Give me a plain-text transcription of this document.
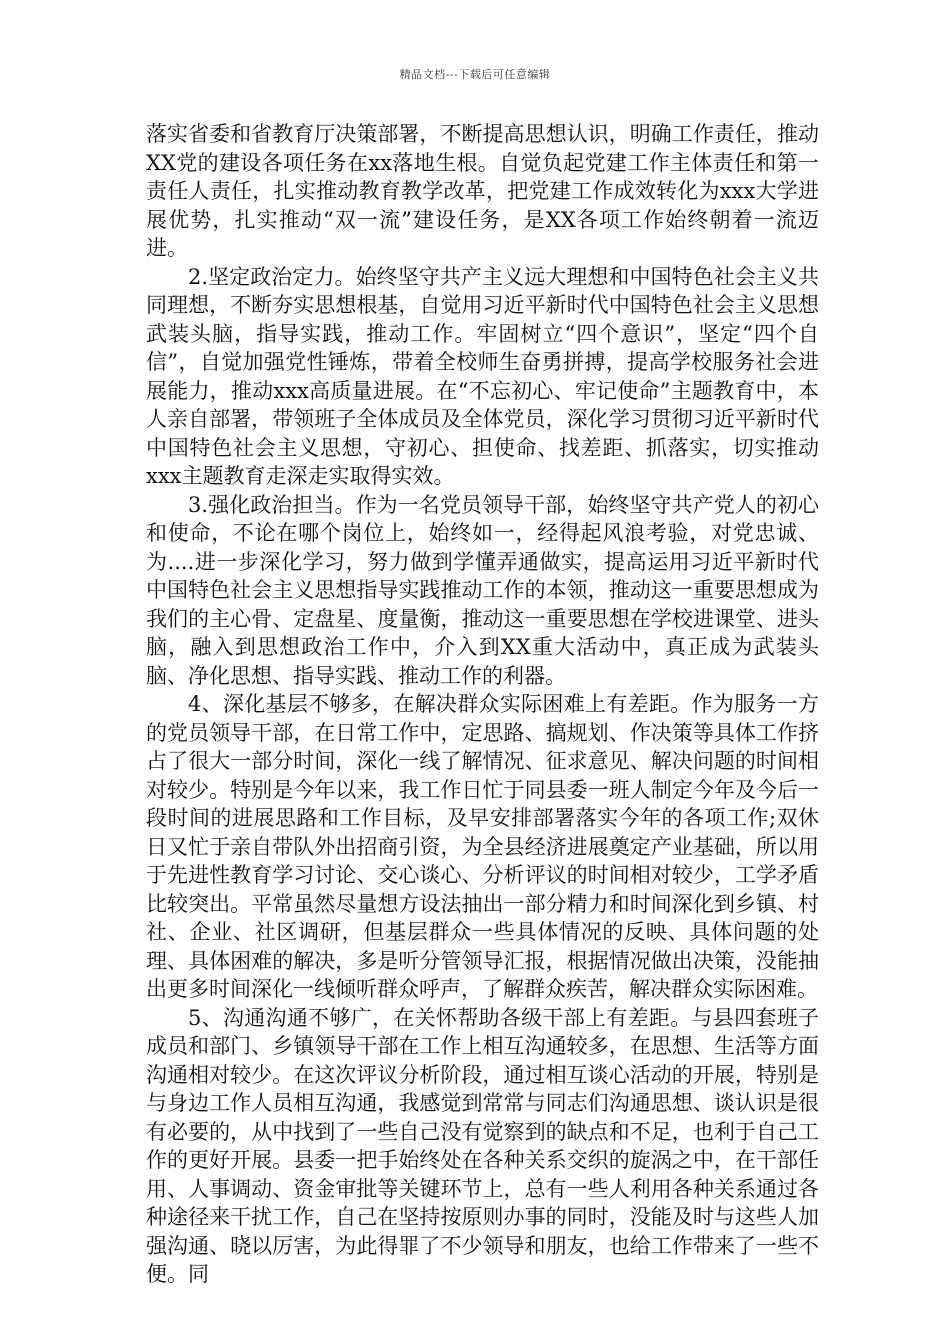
精品文档---下载后可任意编辑

落实省委和省教育厅决策部署，不断提高思想认识，明确工作责任，推动XX党的建设各项任务在xx落地生根。自觉负起党建工作主体责任和第一责任人责任，扎实推动教育教学改革，把党建工作成效转化为xxx大学进展优势，扎实推动“双一流”建设任务，是XX各项工作始终朝着一流迈进。

2.坚定政治定力。始终坚守共产主义远大理想和中国特色社会主义共同理想，不断夯实思想根基，自觉用习近平新时代中国特色社会主义思想武装头脑，指导实践，推动工作。牢固树立“四个意识”，坚定“四个自信”，自觉加强党性锤炼，带着全校师生奋勇拼搏，提高学校服务社会进展能力，推动xxx高质量进展。在“不忘初心、牢记使命”主题教育中，本人亲自部署，带领班子全体成员及全体党员，深化学习贯彻习近平新时代中国特色社会主义思想，守初心、担使命、找差距、抓落实，切实推动xxx主题教育走深走实取得实效。

3.强化政治担当。作为一名党员领导干部，始终坚守共产党人的初心和使命，不论在哪个岗位上，始终如一，经得起风浪考验，对党忠诚、为....进一步深化学习，努力做到学懂弄通做实，提高运用习近平新时代中国特色社会主义思想指导实践推动工作的本领，推动这一重要思想成为我们的主心骨、定盘星、度量衡，推动这一重要思想在学校进课堂、进头脑，融入到思想政治工作中，介入到XX重大活动中，真正成为武装头脑、净化思想、指导实践、推动工作的利器。

4、深化基层不够多，在解决群众实际困难上有差距。作为服务一方的党员领导干部，在日常工作中，定思路、搞规划、作决策等具体工作挤占了很大一部分时间，深化一线了解情况、征求意见、解决问题的时间相对较少。特别是今年以来，我工作日忙于同县委一班人制定今年及今后一段时间的进展思路和工作目标，及早安排部署落实今年的各项工作;双休日又忙于亲自带队外出招商引资，为全县经济进展奠定产业基础，所以用于先进性教育学习讨论、交心谈心、分析评议的时间相对较少，工学矛盾比较突出。平常虽然尽量想方设法抽出一部分精力和时间深化到乡镇、村社、企业、社区调研，但基层群众一些具体情况的反映、具体问题的处理、具体困难的解决，多是听分管领导汇报，根据情况做出决策，没能抽出更多时间深化一线倾听群众呼声，了解群众疾苦，解决群众实际困难。

5、沟通沟通不够广，在关怀帮助各级干部上有差距。与县四套班子成员和部门、乡镇领导干部在工作上相互沟通较多，在思想、生活等方面沟通相对较少。在这次评议分析阶段，通过相互谈心活动的开展，特别是与身边工作人员相互沟通，我感觉到常常与同志们沟通思想、谈认识是很有必要的，从中找到了一些自己没有觉察到的缺点和不足，也利于自己工作的更好开展。县委一把手始终处在各种关系交织的旋涡之中，在干部任用、人事调动、资金审批等关键环节上，总有一些人利用各种关系通过各种途径来干扰工作，自己在坚持按原则办事的同时，没能及时与这些人加强沟通、晓以厉害，为此得罪了不少领导和朋友，也给工作带来了一些不便。同
